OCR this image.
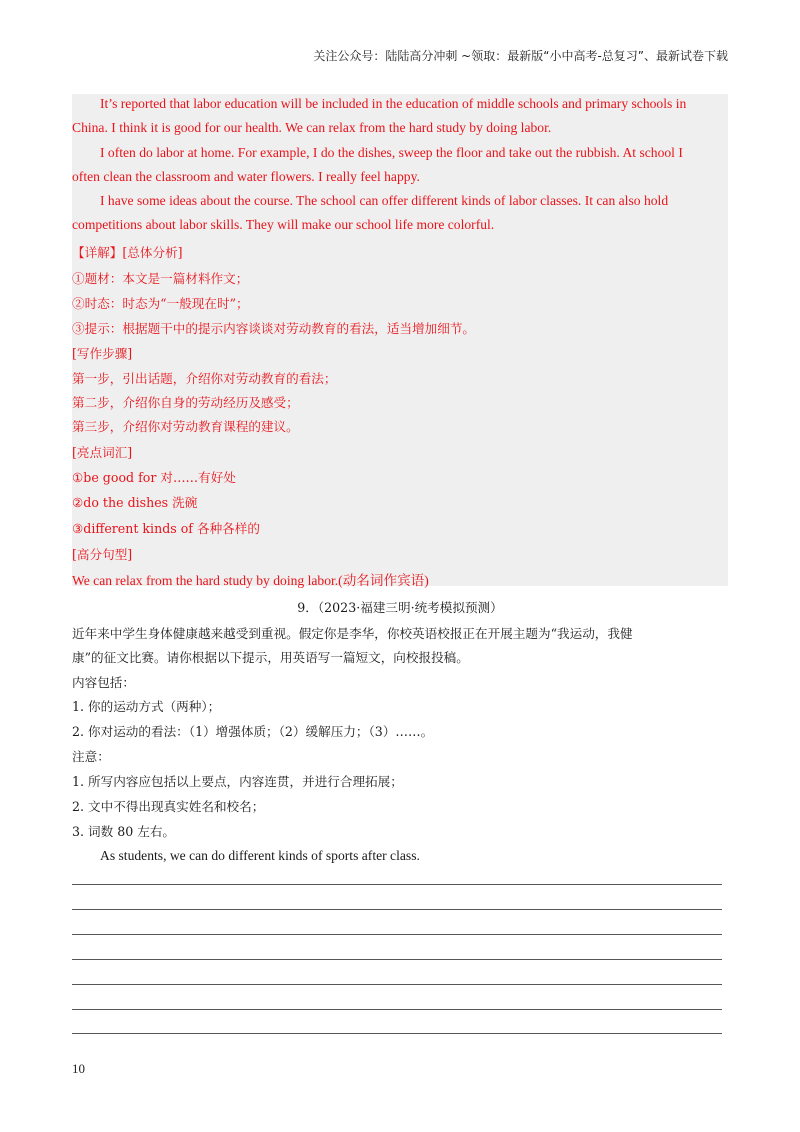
关注公众号：陆陆高分冲刺 ~领取：最新版“小中高考-总复习”、最新试卷下载
It’s reported that labor education will be included in the education of middle schools and primary schools in
China. I think it is good for our health. We can relax from the hard study by doing labor.
I often do labor at home. For example, I do the dishes, sweep the floor and take out the rubbish. At school I
often clean the classroom and water flowers. I really feel happy.
I have some ideas about the course. The school can offer different kinds of labor classes. It can also hold
competitions about labor skills. They will make our school life more colorful.
【详解】[总体分析]
①题材：本文是一篇材料作文；
②时态：时态为“一般现在时”；
③提示：根据题干中的提示内容谈谈对劳动教育的看法，适当增加细节。
[写作步骤]
第一步，引出话题，介绍你对劳动教育的看法；
第二步，介绍你自身的劳动经历及感受；
第三步，介绍你对劳动教育课程的建议。
[亮点词汇]
①be good for 对……有好处
②do the dishes 洗碗
③different kinds of 各种各样的
[高分句型]
We can relax from the hard study by doing labor.(动名词作宾语)
9．（2023·福建三明·统考模拟预测）
近年来中学生身体健康越来越受到重视。假定你是李华，你校英语校报正在开展主题为“我运动，我健
康”的征文比赛。请你根据以下提示，用英语写一篇短文，向校报投稿。
内容包括：
1. 你的运动方式（两种）；
2. 你对运动的看法：（1）增强体质；（2）缓解压力；（3）……。
注意：
1. 所写内容应包括以上要点，内容连贯，并进行合理拓展；
2. 文中不得出现真实姓名和校名；
3. 词数 80 左右。
As students, we can do different kinds of sports after class.
10
